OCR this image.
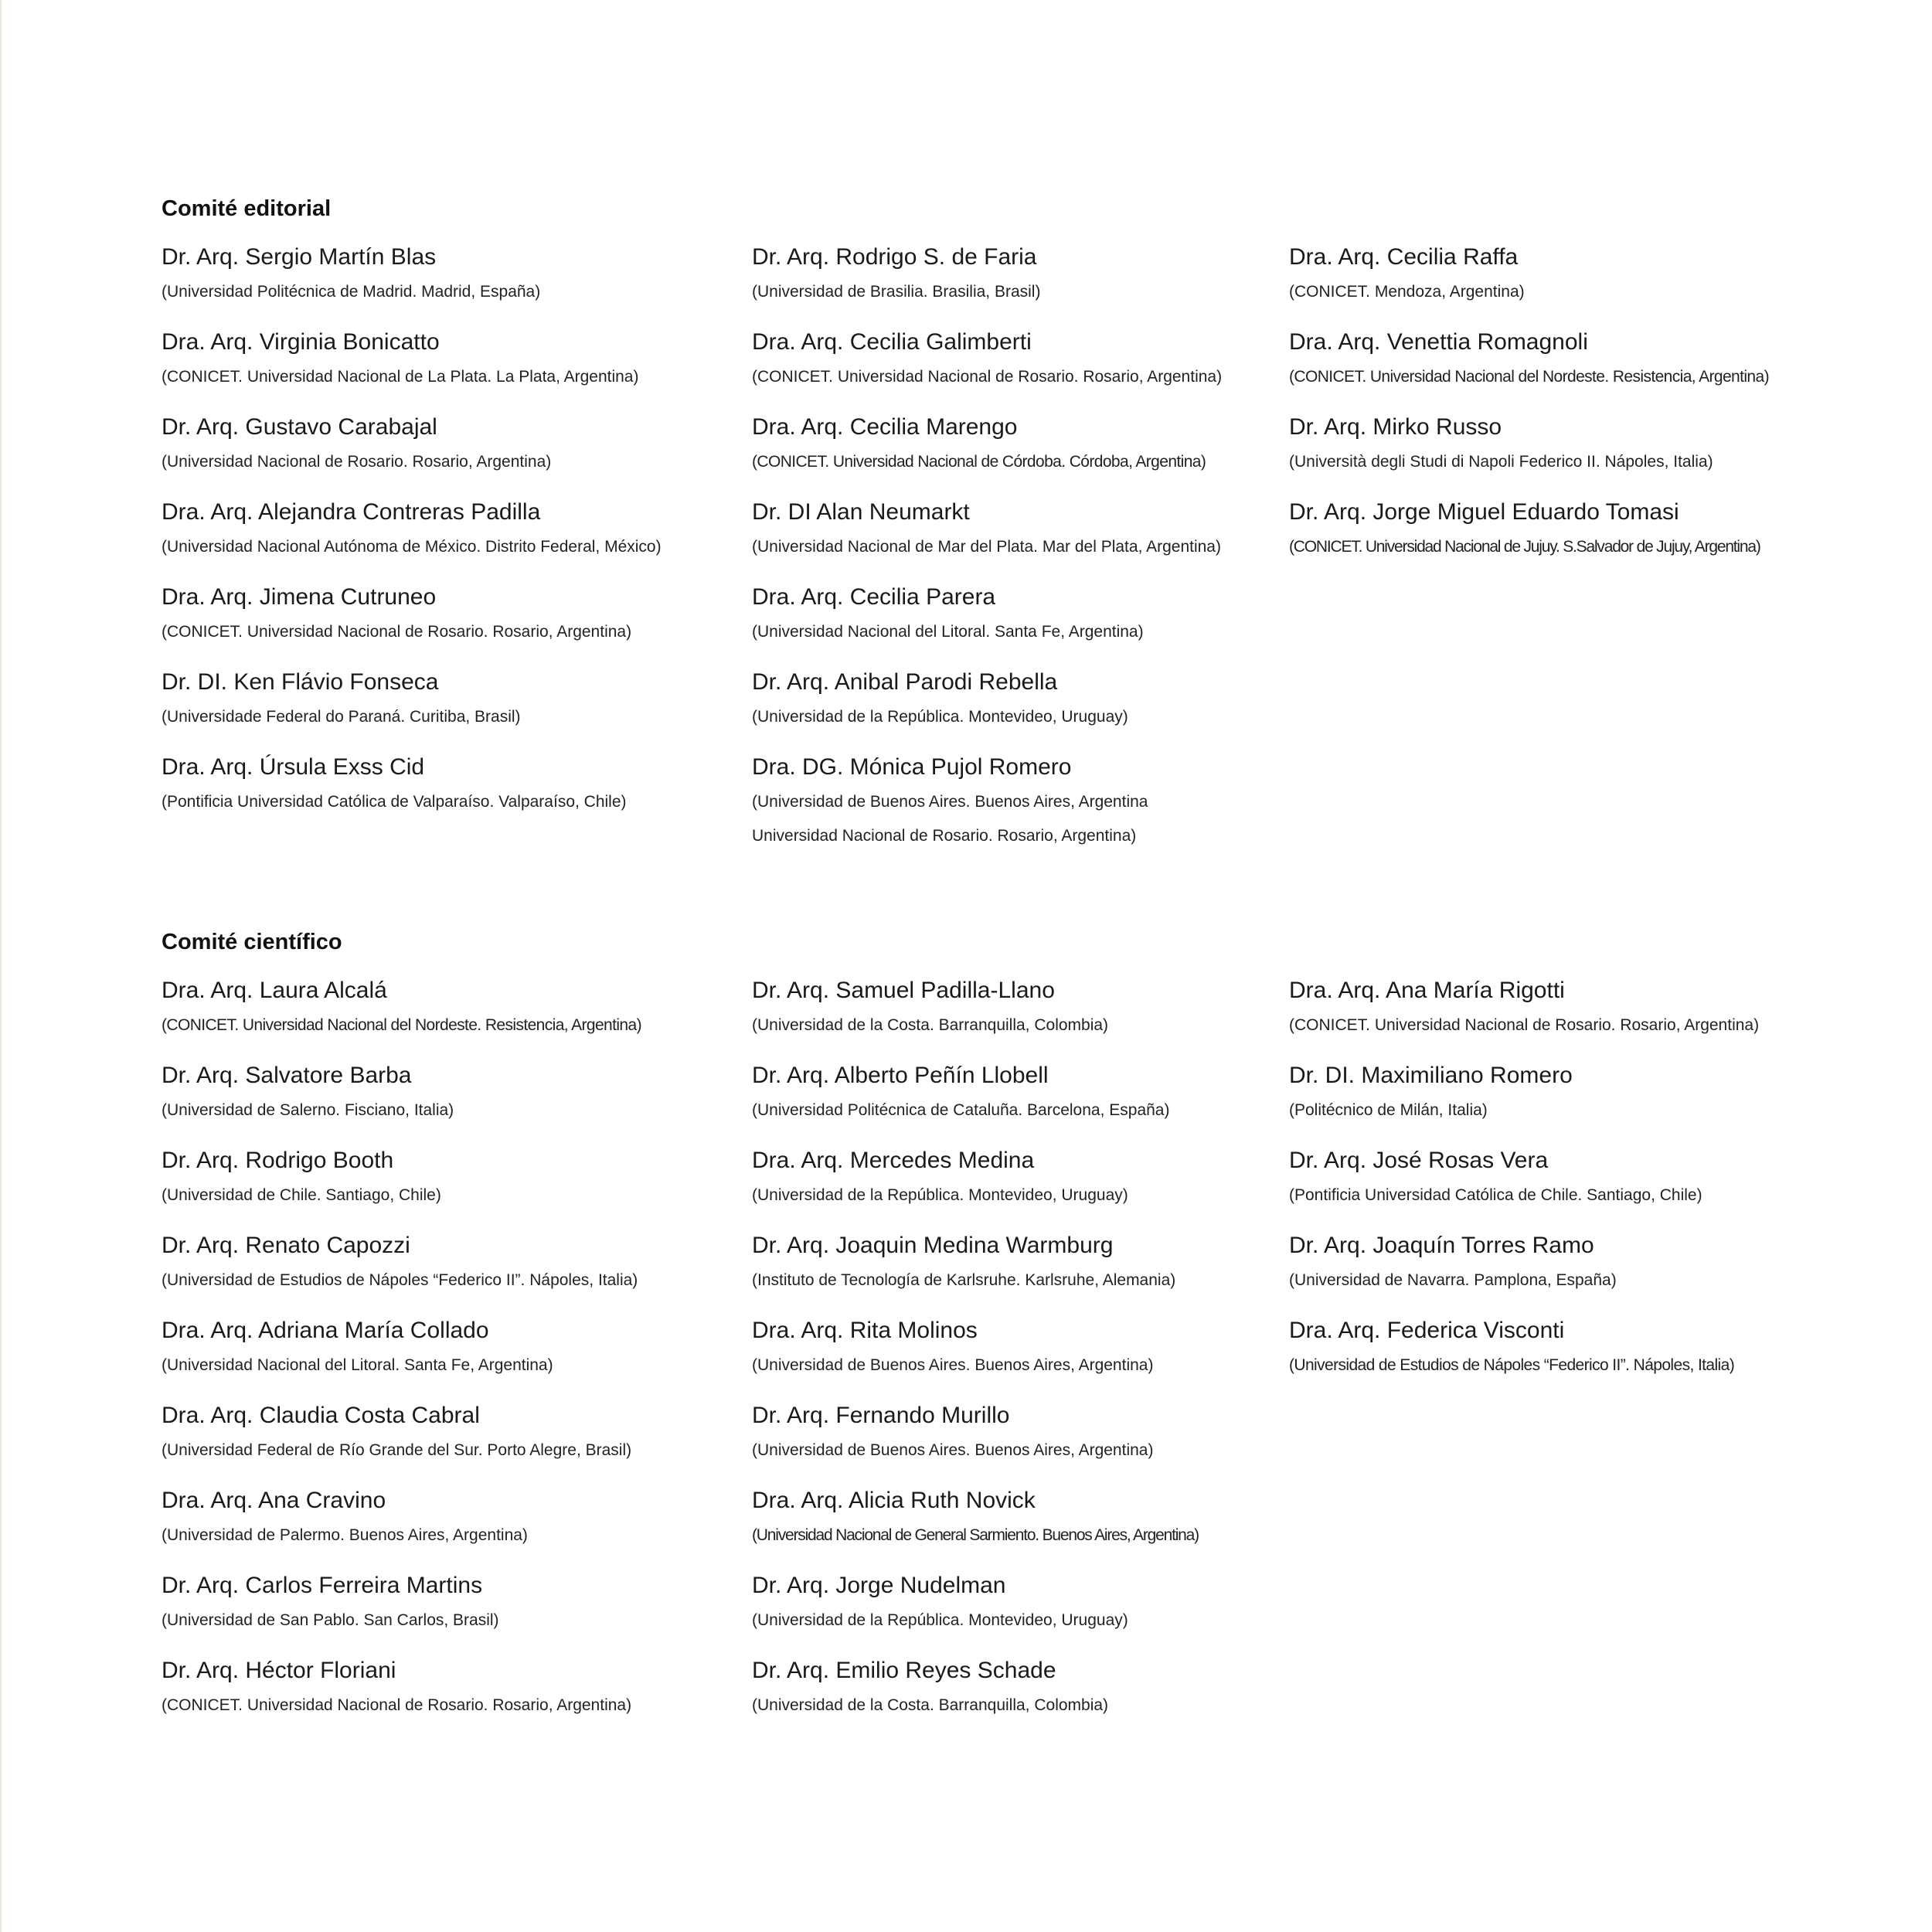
Comité editorial
Dr. Arq. Sergio Martín Blas
(Universidad Politécnica de Madrid. Madrid, España)
Dra. Arq. Virginia Bonicatto
(CONICET. Universidad Nacional de La Plata. La Plata, Argentina)
Dr. Arq. Gustavo Carabajal
(Universidad Nacional de Rosario. Rosario, Argentina)
Dra. Arq. Alejandra Contreras Padilla
(Universidad Nacional Autónoma de México. Distrito Federal, México)
Dra. Arq. Jimena Cutruneo
(CONICET. Universidad Nacional de Rosario. Rosario, Argentina)
Dr. DI. Ken Flávio Fonseca
(Universidade Federal do Paraná. Curitiba, Brasil)
Dra. Arq. Úrsula Exss Cid
(Pontificia Universidad Católica de Valparaíso. Valparaíso, Chile)
Dr. Arq. Rodrigo S. de Faria
(Universidad de Brasilia. Brasilia, Brasil)
Dra. Arq. Cecilia Galimberti
(CONICET. Universidad Nacional de Rosario. Rosario, Argentina)
Dra. Arq. Cecilia Marengo
(CONICET. Universidad Nacional de Córdoba. Córdoba, Argentina)
Dr. DI Alan Neumarkt
(Universidad Nacional de Mar del Plata. Mar del Plata, Argentina)
Dra. Arq. Cecilia Parera
(Universidad Nacional del Litoral. Santa Fe, Argentina)
Dr. Arq. Anibal Parodi Rebella
(Universidad de la República. Montevideo, Uruguay)
Dra. DG. Mónica Pujol Romero
(Universidad de Buenos Aires. Buenos Aires, Argentina
Universidad Nacional de Rosario. Rosario, Argentina)
Dra. Arq. Cecilia Raffa
(CONICET. Mendoza, Argentina)
Dra. Arq. Venettia Romagnoli
(CONICET. Universidad Nacional del Nordeste. Resistencia, Argentina)
Dr. Arq. Mirko Russo
(Università degli Studi di Napoli Federico II. Nápoles, Italia)
Dr. Arq. Jorge Miguel Eduardo Tomasi
(CONICET. Universidad Nacional de Jujuy. S.Salvador de Jujuy, Argentina)
Comité científico
Dra. Arq. Laura Alcalá
(CONICET. Universidad Nacional del Nordeste. Resistencia, Argentina)
Dr. Arq. Salvatore Barba
(Universidad de Salerno. Fisciano, Italia)
Dr. Arq. Rodrigo Booth
(Universidad de Chile. Santiago, Chile)
Dr. Arq. Renato Capozzi
(Universidad de Estudios de Nápoles “Federico II”. Nápoles, Italia)
Dra. Arq. Adriana María Collado
(Universidad Nacional del Litoral. Santa Fe, Argentina)
Dra. Arq. Claudia Costa Cabral
(Universidad Federal de Río Grande del Sur. Porto Alegre, Brasil)
Dra. Arq. Ana Cravino
(Universidad de Palermo. Buenos Aires, Argentina)
Dr. Arq. Carlos Ferreira Martins
(Universidad de San Pablo. San Carlos, Brasil)
Dr. Arq. Héctor Floriani
(CONICET. Universidad Nacional de Rosario. Rosario, Argentina)
Dr. Arq. Samuel Padilla-Llano
(Universidad de la Costa. Barranquilla, Colombia)
Dr. Arq. Alberto Peñín Llobell
(Universidad Politécnica de Cataluña. Barcelona, España)
Dra. Arq. Mercedes Medina
(Universidad de la República. Montevideo, Uruguay)
Dr. Arq. Joaquin Medina Warmburg
(Instituto de Tecnología de Karlsruhe. Karlsruhe, Alemania)
Dra. Arq. Rita Molinos
(Universidad de Buenos Aires. Buenos Aires, Argentina)
Dr. Arq. Fernando Murillo
(Universidad de Buenos Aires. Buenos Aires, Argentina)
Dra. Arq. Alicia Ruth Novick
(Universidad Nacional de General Sarmiento. Buenos Aires, Argentina)
Dr. Arq. Jorge Nudelman
(Universidad de la República. Montevideo, Uruguay)
Dr. Arq. Emilio Reyes Schade
(Universidad de la Costa. Barranquilla, Colombia)
Dra. Arq. Ana María Rigotti
(CONICET. Universidad Nacional de Rosario. Rosario, Argentina)
Dr. DI. Maximiliano Romero
(Politécnico de Milán, Italia)
Dr. Arq. José Rosas Vera
(Pontificia Universidad Católica de Chile. Santiago, Chile)
Dr. Arq. Joaquín Torres Ramo
(Universidad de Navarra. Pamplona, España)
Dra. Arq. Federica Visconti
(Universidad de Estudios de Nápoles “Federico II”. Nápoles, Italia)
